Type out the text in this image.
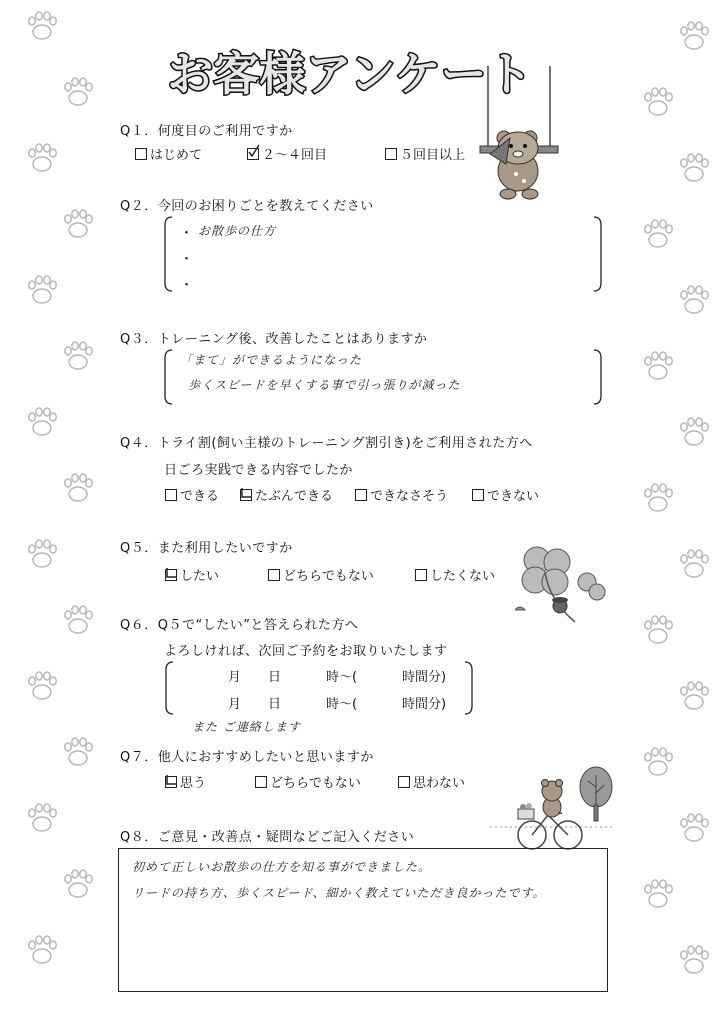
お客様アンケート
Q１．何度目のご利用ですか
はじめて	２～４回目	５回目以上
Q２．今回のお困りごとを教えてください
・
・
・
お散歩の仕方
Q３．トレーニング後、改善したことはありますか
「まて」ができるようになった
歩くスピードを早くする事で引っ張りが減った
Q４．トライ割(飼い主様のトレーニング割引き)をご利用された方へ
日ごろ実践できる内容でしたか
できる	たぶんできる	できなさそう	できない
Q５．また利用したいですか
したい	どちらでもない	したくない
Q６．Q５で“したい”と答えられた方へ
よろしければ、次回ご予約をお取りいたします
月 日	時～(	時間分)
月 日	時～(	時間分)
また ご連絡します
Q７．他人におすすめしたいと思いますか
思う	どちらでもない	思わない
Q８．ご意見・改善点・疑問などご記入ください
初めて正しいお散歩の仕方を知る事ができました。
リードの持ち方、歩くスピード、細かく教えていただき良かったです。
